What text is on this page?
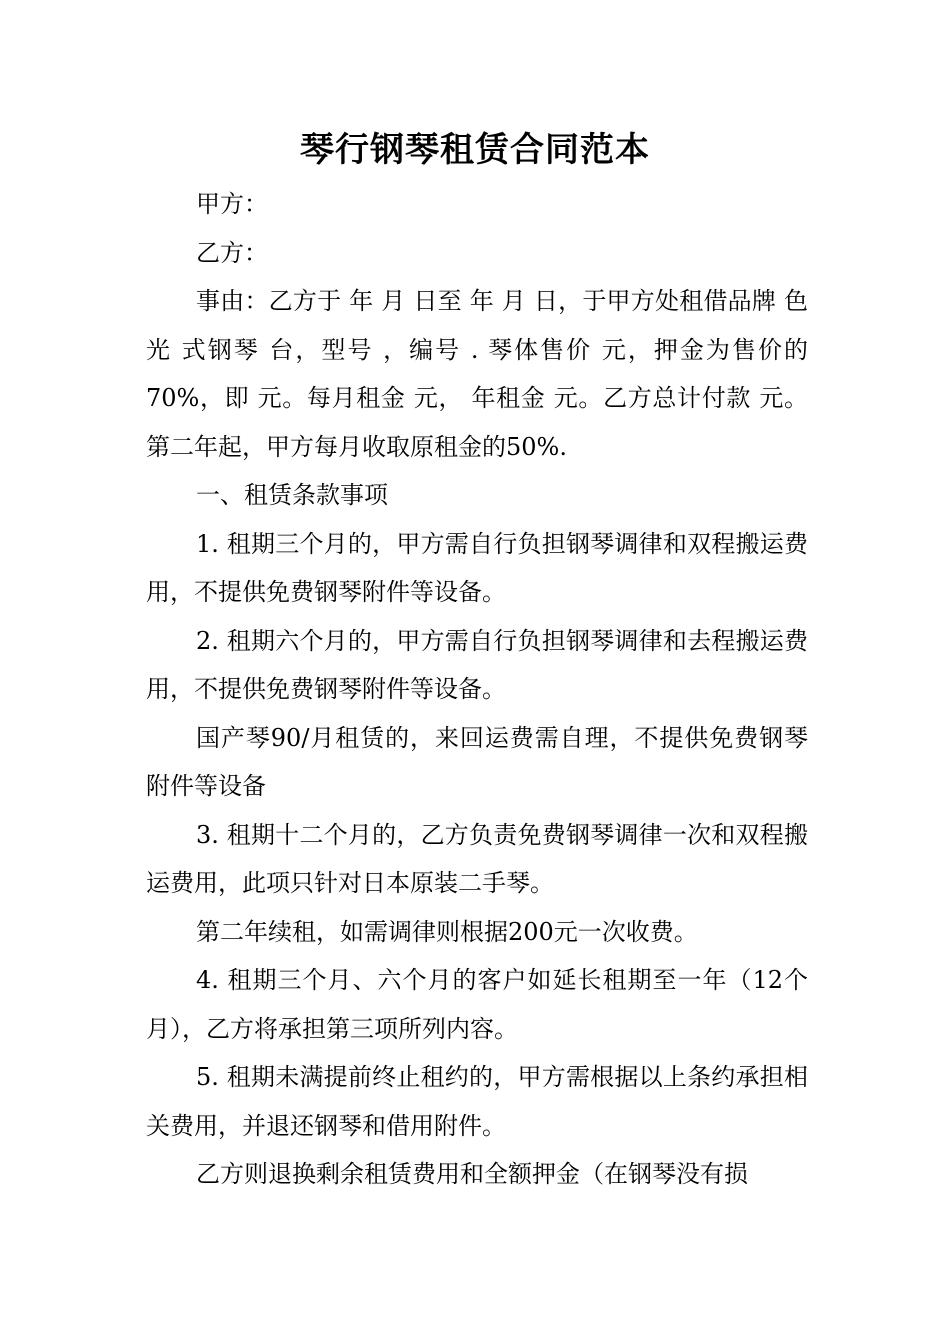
琴行钢琴租赁合同范本

甲方：

乙方：

事由：乙方于 年 月 日至 年 月 日，于甲方处租借品牌 色 光 式钢琴 台，型号 ，编号 . 琴体售价 元，押金为售价的70%，即 元。每月租金 元， 年租金 元。乙方总计付款 元。第二年起，甲方每月收取原租金的50%.

一、租赁条款事项

1. 租期三个月的，甲方需自行负担钢琴调律和双程搬运费用，不提供免费钢琴附件等设备。

2. 租期六个月的，甲方需自行负担钢琴调律和去程搬运费用，不提供免费钢琴附件等设备。

国产琴90/月租赁的，来回运费需自理，不提供免费钢琴附件等设备

3. 租期十二个月的，乙方负责免费钢琴调律一次和双程搬运费用，此项只针对日本原装二手琴。

第二年续租，如需调律则根据200元一次收费。

4. 租期三个月、六个月的客户如延长租期至一年（12个月），乙方将承担第三项所列内容。

5. 租期未满提前终止租约的，甲方需根据以上条约承担相关费用，并退还钢琴和借用附件。

乙方则退换剩余租赁费用和全额押金（在钢琴没有损
